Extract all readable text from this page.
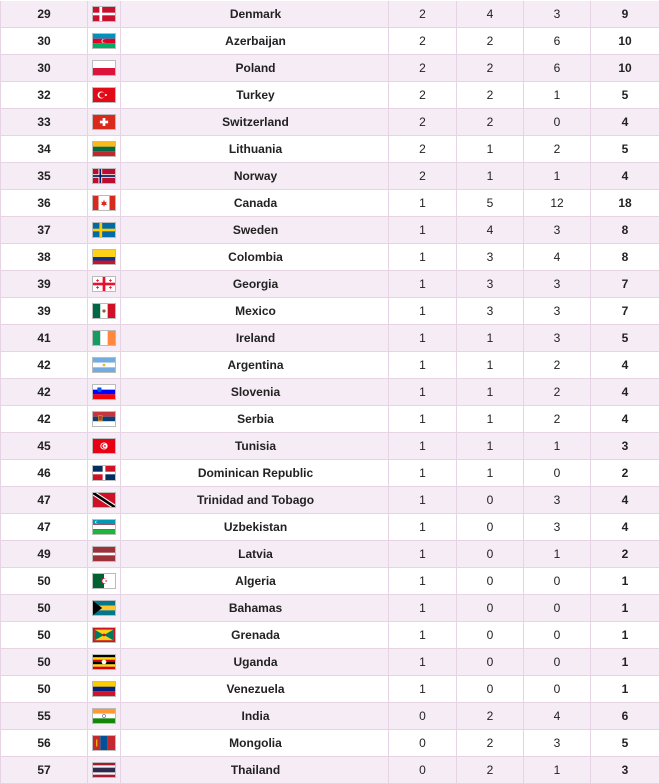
29		Denmark	2	4	3	9
30		Azerbaijan	2	2	6	10
30		Poland	2	2	6	10
32		Turkey	2	2	1	5
33		Switzerland	2	2	0	4
34		Lithuania	2	1	2	5
35		Norway	2	1	1	4
36		Canada	1	5	12	18
37		Sweden	1	4	3	8
38		Colombia	1	3	4	8
39		Georgia	1	3	3	7
39		Mexico	1	3	3	7
41		Ireland	1	1	3	5
42		Argentina	1	1	2	4
42		Slovenia	1	1	2	4
42		Serbia	1	1	2	4
45		Tunisia	1	1	1	3
46		Dominican Republic	1	1	0	2
47		Trinidad and Tobago	1	0	3	4
47		Uzbekistan	1	0	3	4
49		Latvia	1	0	1	2
50		Algeria	1	0	0	1
50		Bahamas	1	0	0	1
50		Grenada	1	0	0	1
50		Uganda	1	0	0	1
50		Venezuela	1	0	0	1
55		India	0	2	4	6
56		Mongolia	0	2	3	5
57		Thailand	0	2	1	3
